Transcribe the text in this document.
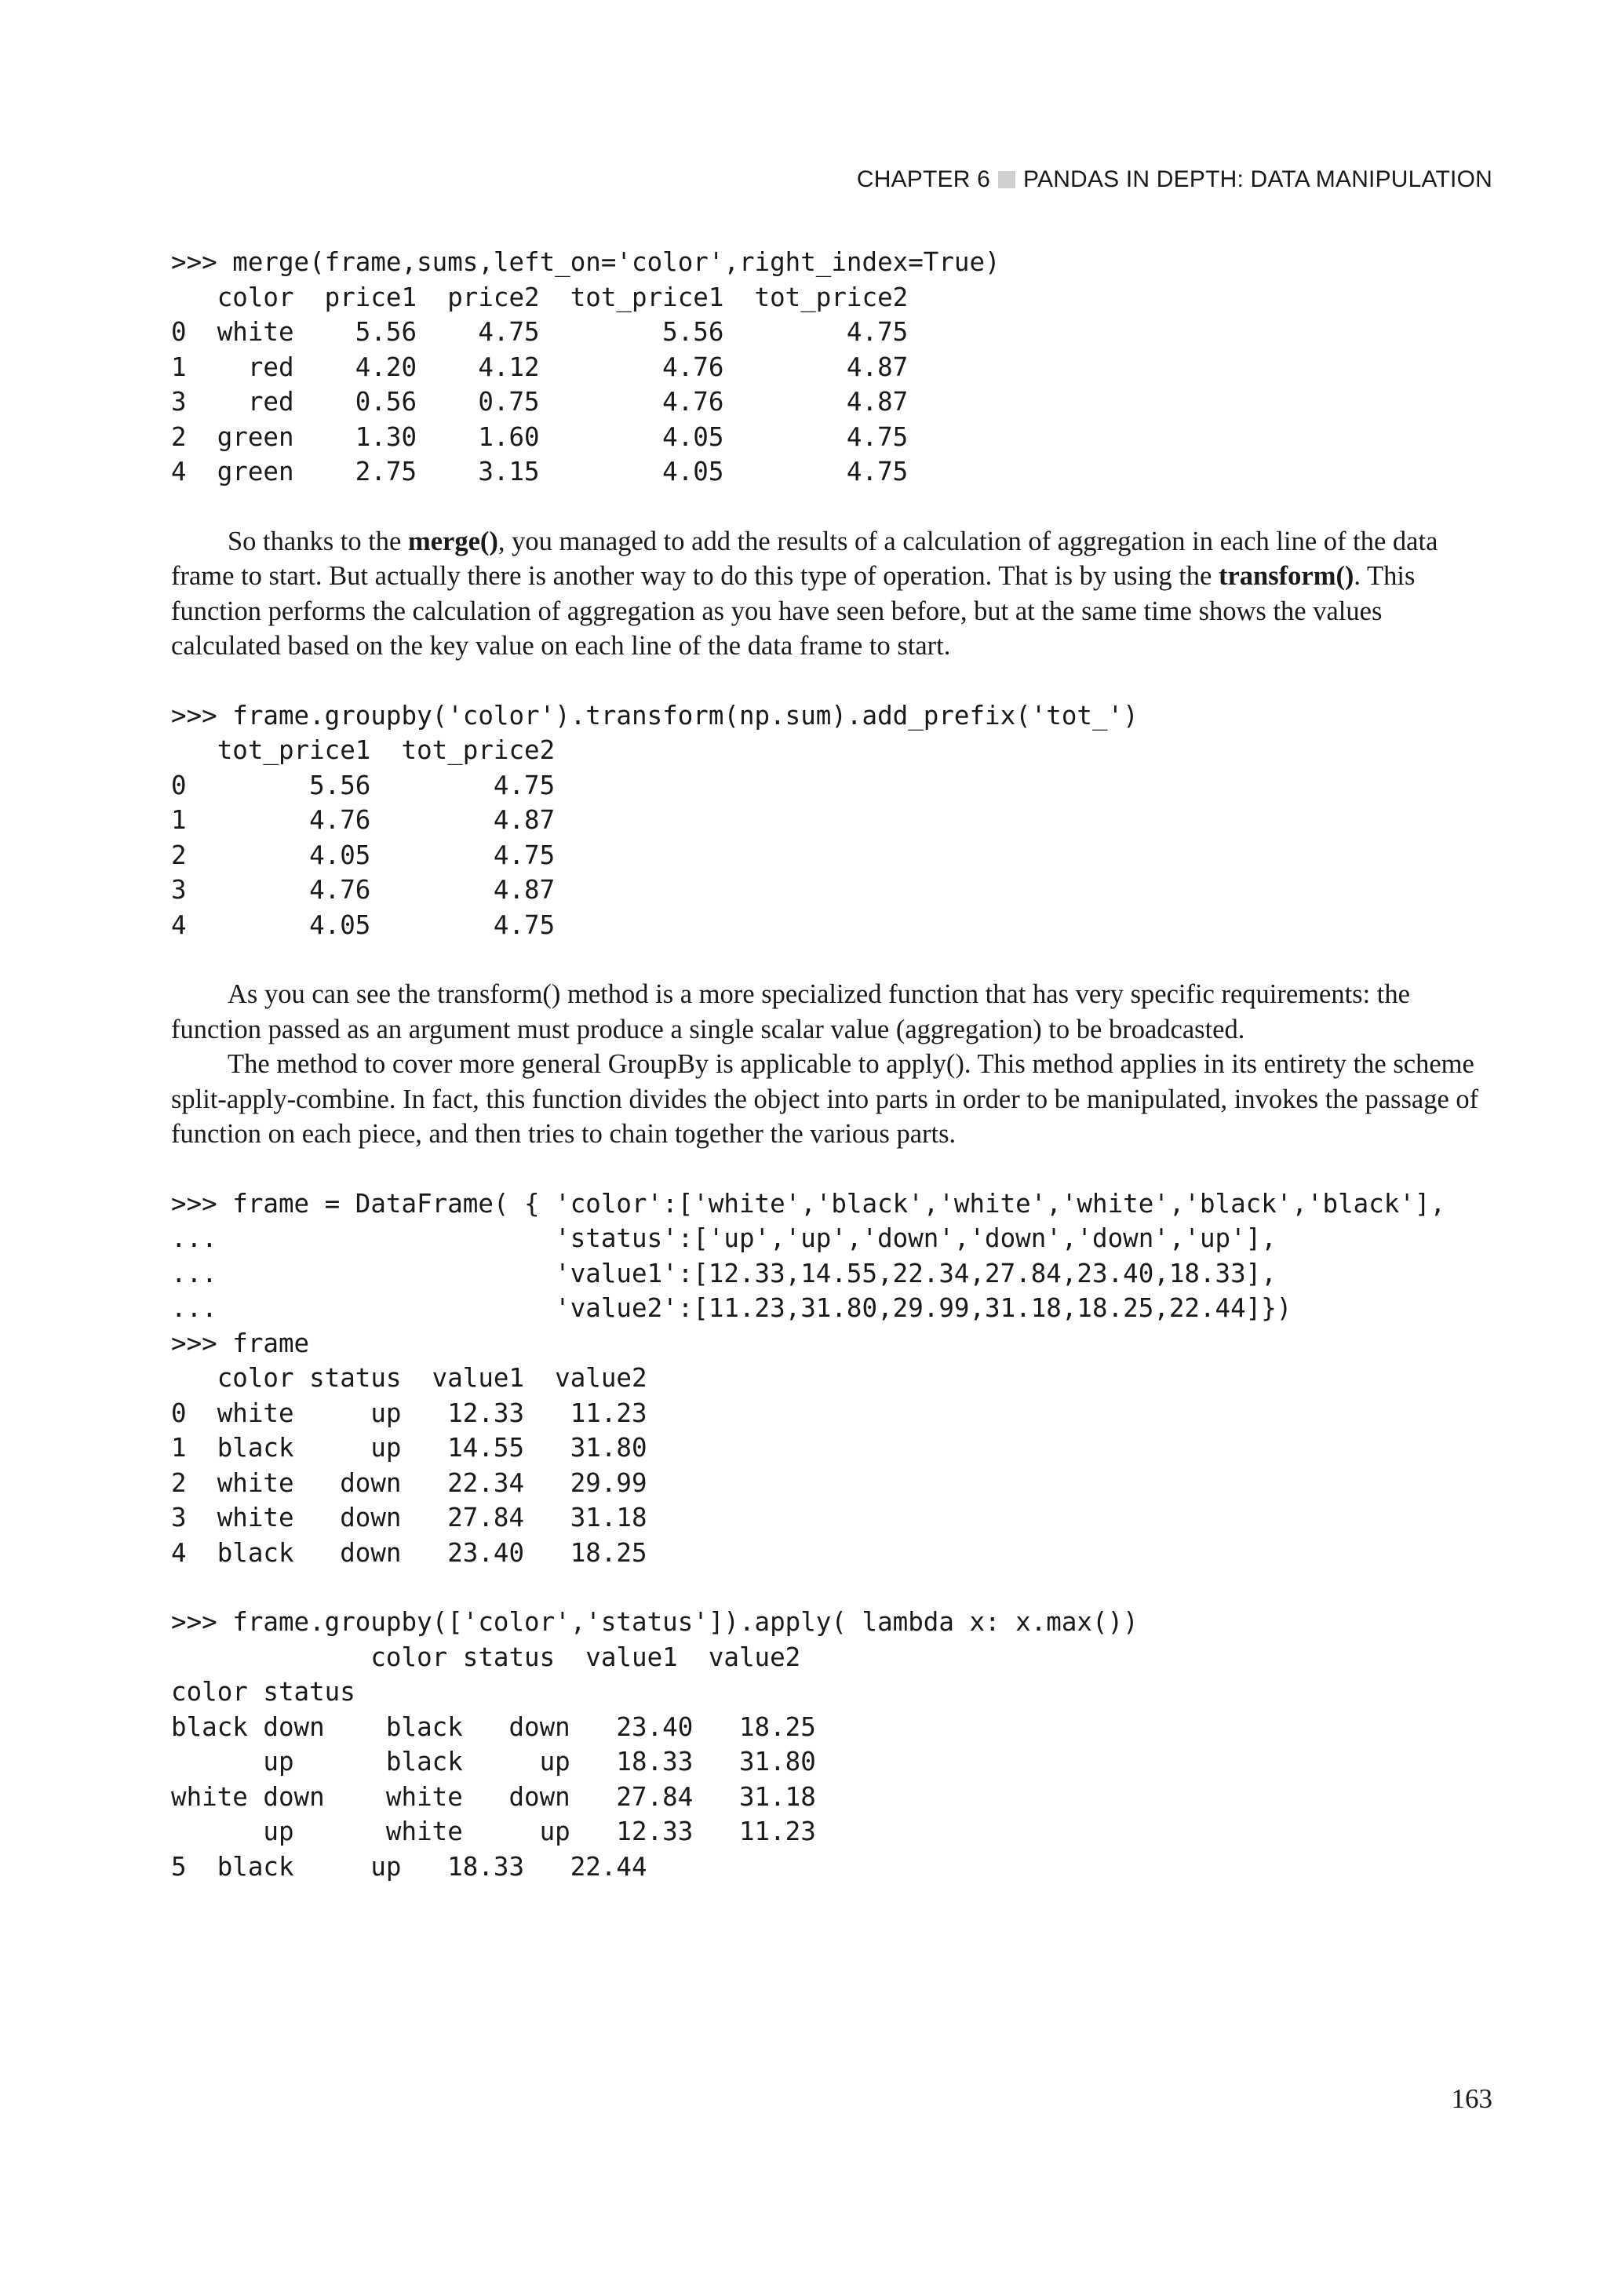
CHAPTER 6 PANDAS IN DEPTH: DATA MANIPULATION
>>> merge(frame,sums,left_on='color',right_index=True)
color  price1  price2  tot_price1  tot_price2
0  white    5.56    4.75        5.56        4.75
1    red    4.20    4.12        4.76        4.87
3    red    0.56    0.75        4.76        4.87
2  green    1.30    1.60        4.05        4.75
4  green    2.75    3.15        4.05        4.75

So thanks to the merge(), you managed to add the results of a calculation of aggregation in each line of the data frame to start. But actually there is another way to do this type of operation. That is by using the transform(). This function performs the calculation of aggregation as you have seen before, but at the same time shows the values calculated based on the key value on each line of the data frame to start.

>>> frame.groupby('color').transform(np.sum).add_prefix('tot_')
tot_price1  tot_price2
0        5.56        4.75
1        4.76        4.87
2        4.05        4.75
3        4.76        4.87
4        4.05        4.75

As you can see the transform() method is a more specialized function that has very specific requirements: the function passed as an argument must produce a single scalar value (aggregation) to be broadcasted.

The method to cover more general GroupBy is applicable to apply(). This method applies in its entirety the scheme split-apply-combine. In fact, this function divides the object into parts in order to be manipulated, invokes the passage of function on each piece, and then tries to chain together the various parts.

>>> frame = DataFrame( { 'color':['white','black','white','white','black','black'],
...                      'status':['up','up','down','down','down','up'],
...                      'value1':[12.33,14.55,22.34,27.84,23.40,18.33],
...                      'value2':[11.23,31.80,29.99,31.18,18.25,22.44]})
>>> frame
color status  value1  value2
0  white     up   12.33   11.23
1  black     up   14.55   31.80
2  white   down   22.34   29.99
3  white   down   27.84   31.18
4  black   down   23.40   18.25
>>> frame.groupby(['color','status']).apply( lambda x: x.max())
color status  value1  value2
color status
black down    black   down   23.40   18.25
up      black     up   18.33   31.80
white down    white   down   27.84   31.18
up      white     up   12.33   11.23
5  black     up   18.33   22.44
163
